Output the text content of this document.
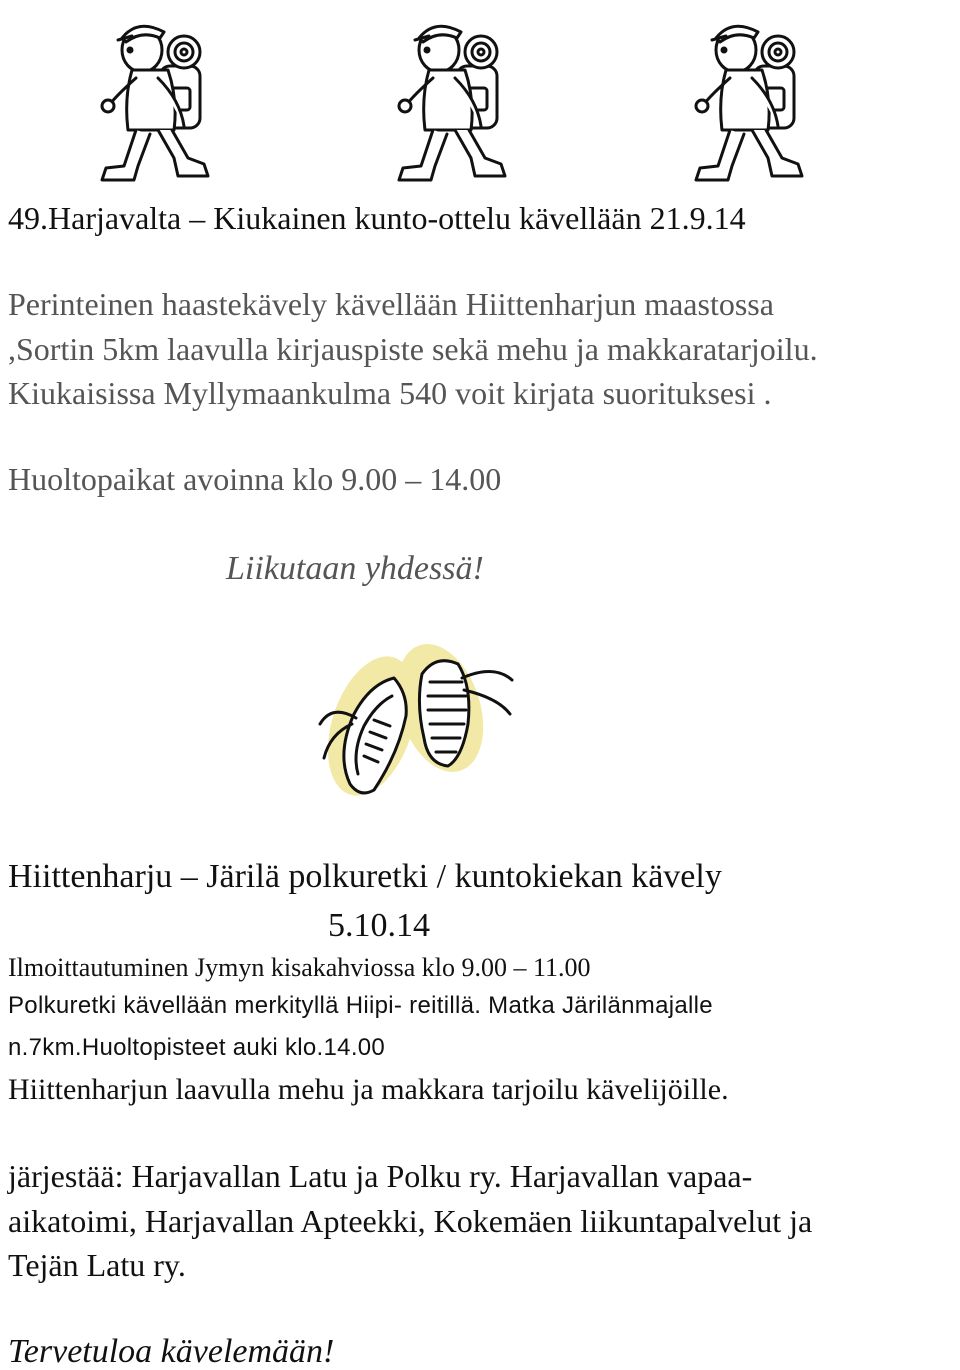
49.Harjavalta – Kiukainen kunto-ottelu kävellään 21.9.14
Perinteinen haastekävely kävellään Hiittenharjun maastossa
,Sortin 5km laavulla kirjauspiste sekä mehu ja makkaratarjoilu.
Kiukaisissa Myllymaankulma 540 voit kirjata suorituksesi .
Huoltopaikat avoinna klo 9.00 – 14.00
Liikutaan yhdessä!
Hiittenharju – Järilä polkuretki / kuntokiekan kävely
5.10.14
Ilmoittautuminen Jymyn kisakahviossa klo 9.00 – 11.00
Polkuretki kävellään merkityllä Hiipi- reitillä. Matka Järilänmajalle
n.7km.Huoltopisteet auki klo.14.00
Hiittenharjun laavulla mehu ja makkara tarjoilu kävelijöille.
järjestää: Harjavallan Latu ja Polku ry. Harjavallan vapaa-
aikatoimi, Harjavallan Apteekki, Kokemäen liikuntapalvelut ja
Tejän Latu ry.
Tervetuloa kävelemään!
